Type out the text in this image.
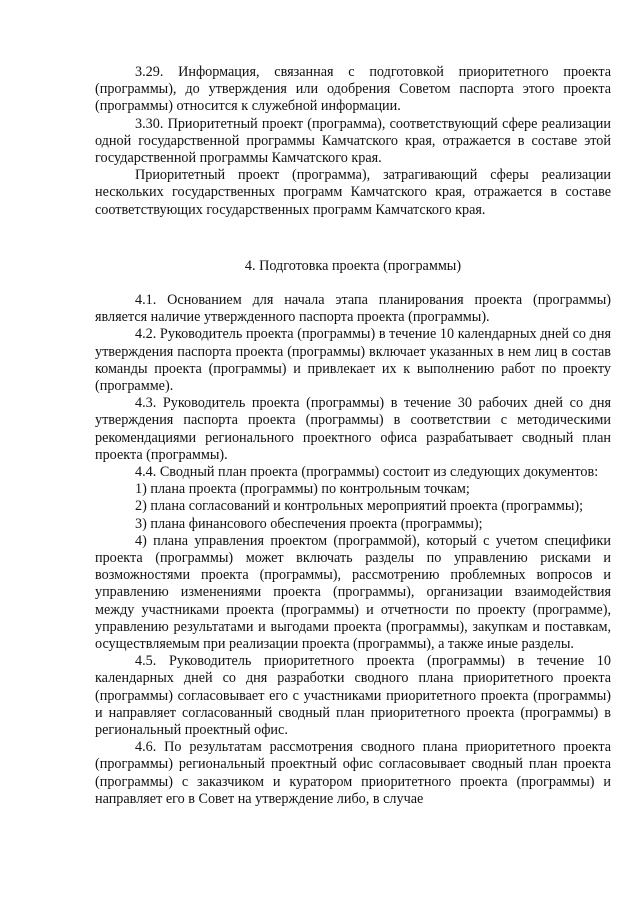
3.29. Информация, связанная с подготовкой приоритетного проекта (программы), до утверждения или одобрения Советом паспорта этого проекта (программы) относится к служебной информации.

3.30. Приоритетный проект (программа), соответствующий сфере реализации одной государственной программы Камчатского края, отражается в составе этой государственной программы Камчатского края.

Приоритетный проект (программа), затрагивающий сферы реализации нескольких государственных программ Камчатского края, отражается в составе соответствующих государственных программ Камчатского края.

4. Подготовка проекта (программы)

4.1. Основанием для начала этапа планирования проекта (программы) является наличие утвержденного паспорта проекта (программы).

4.2. Руководитель проекта (программы) в течение 10 календарных дней со дня утверждения паспорта проекта (программы) включает указанных в нем лиц в состав команды проекта (программы) и привлекает их к выполнению работ по проекту (программе).

4.3. Руководитель проекта (программы) в течение 30 рабочих дней со дня утверждения паспорта проекта (программы) в соответствии с методическими рекомендациями регионального проектного офиса разрабатывает сводный план проекта (программы).

4.4. Сводный план проекта (программы) состоит из следующих документов:

1) плана проекта (программы) по контрольным точкам;

2) плана согласований и контрольных мероприятий проекта (программы);

3) плана финансового обеспечения проекта (программы);

4) плана управления проектом (программой), который с учетом специфики проекта (программы) может включать разделы по управлению рисками и возможностями проекта (программы), рассмотрению проблемных вопросов и управлению изменениями проекта (программы), организации взаимодействия между участниками проекта (программы) и отчетности по проекту (программе), управлению результатами и выгодами проекта (программы), закупкам и поставкам, осуществляемым при реализации проекта (программы), а также иные разделы.

4.5. Руководитель приоритетного проекта (программы) в течение 10 календарных дней со дня разработки сводного плана приоритетного проекта (программы) согласовывает его с участниками приоритетного проекта (программы) и направляет согласованный сводный план приоритетного проекта (программы) в региональный проектный офис.

4.6. По результатам рассмотрения сводного плана приоритетного проекта (программы) региональный проектный офис согласовывает сводный план проекта (программы) с заказчиком и куратором приоритетного проекта (программы) и направляет его в Совет на утверждение либо, в случае
